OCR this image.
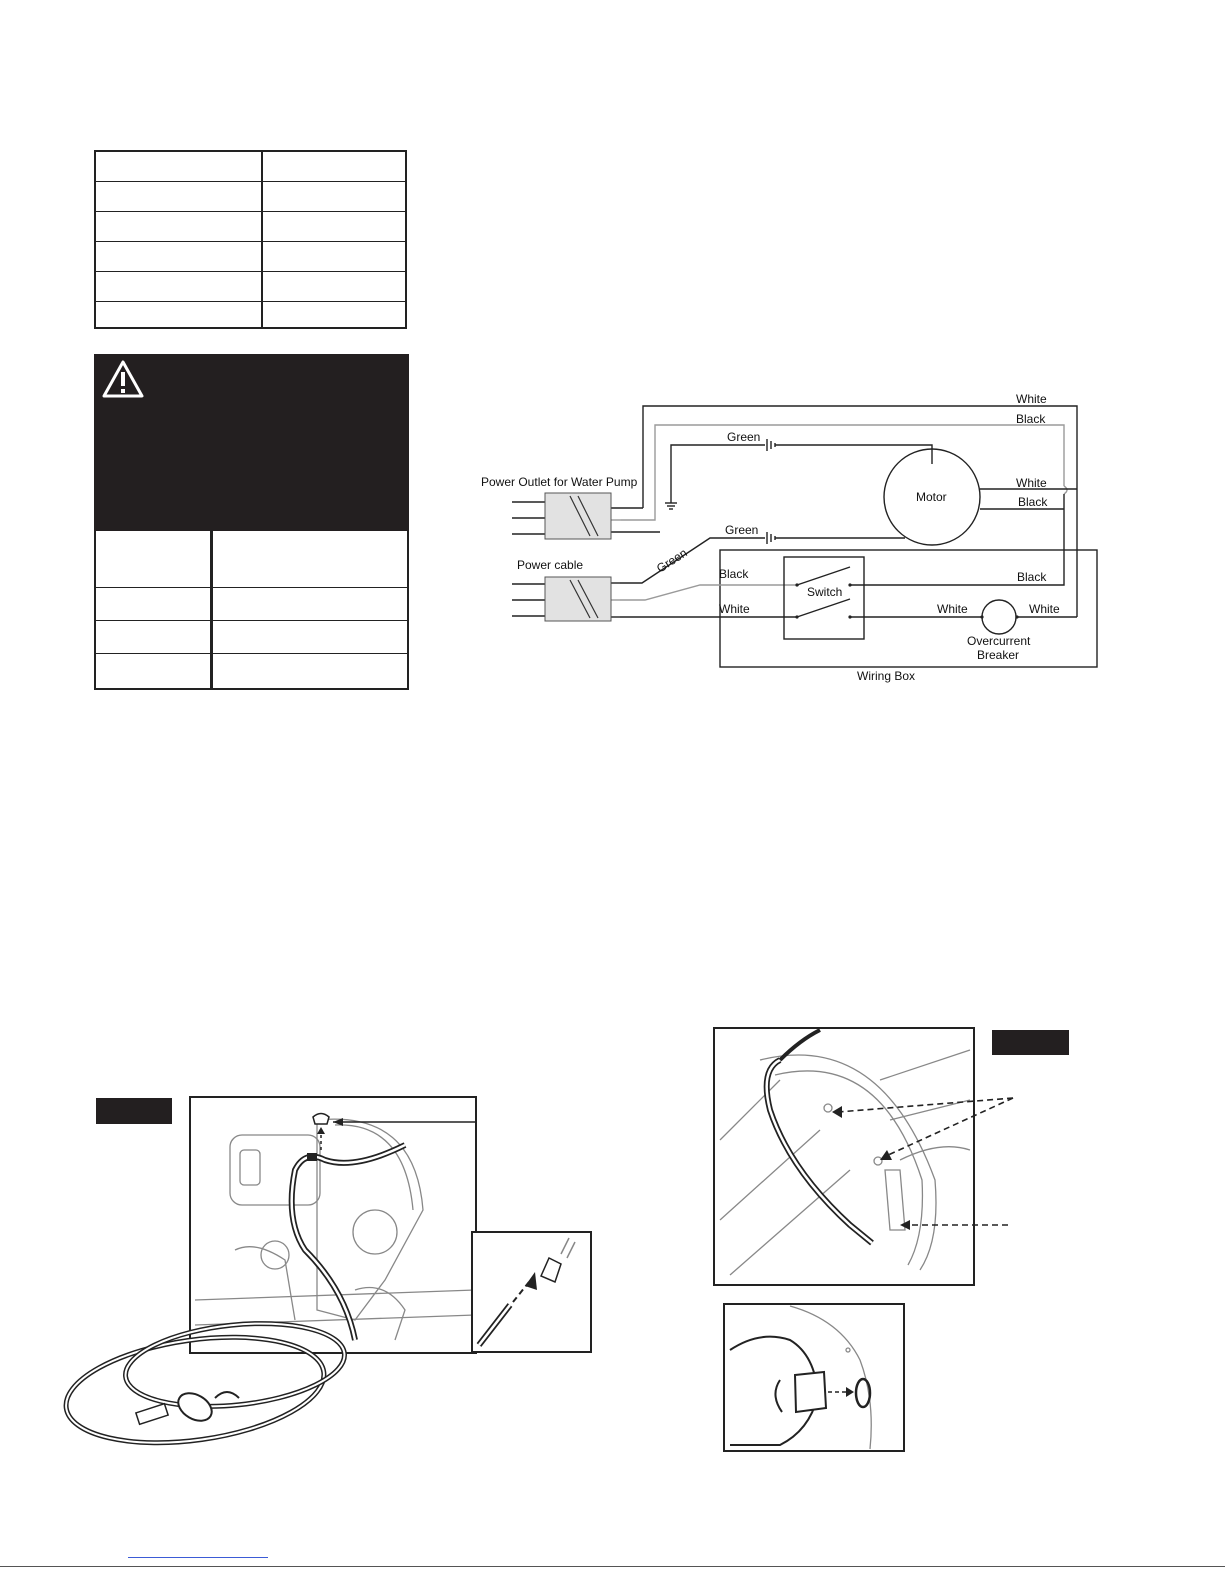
White
Black
Green
Power Outlet for Water Pump
Motor
White
Black
Green
Power cable	Green Black
White
Switch
Black
White	White
Overcurrent
Breaker
Wiring Box
